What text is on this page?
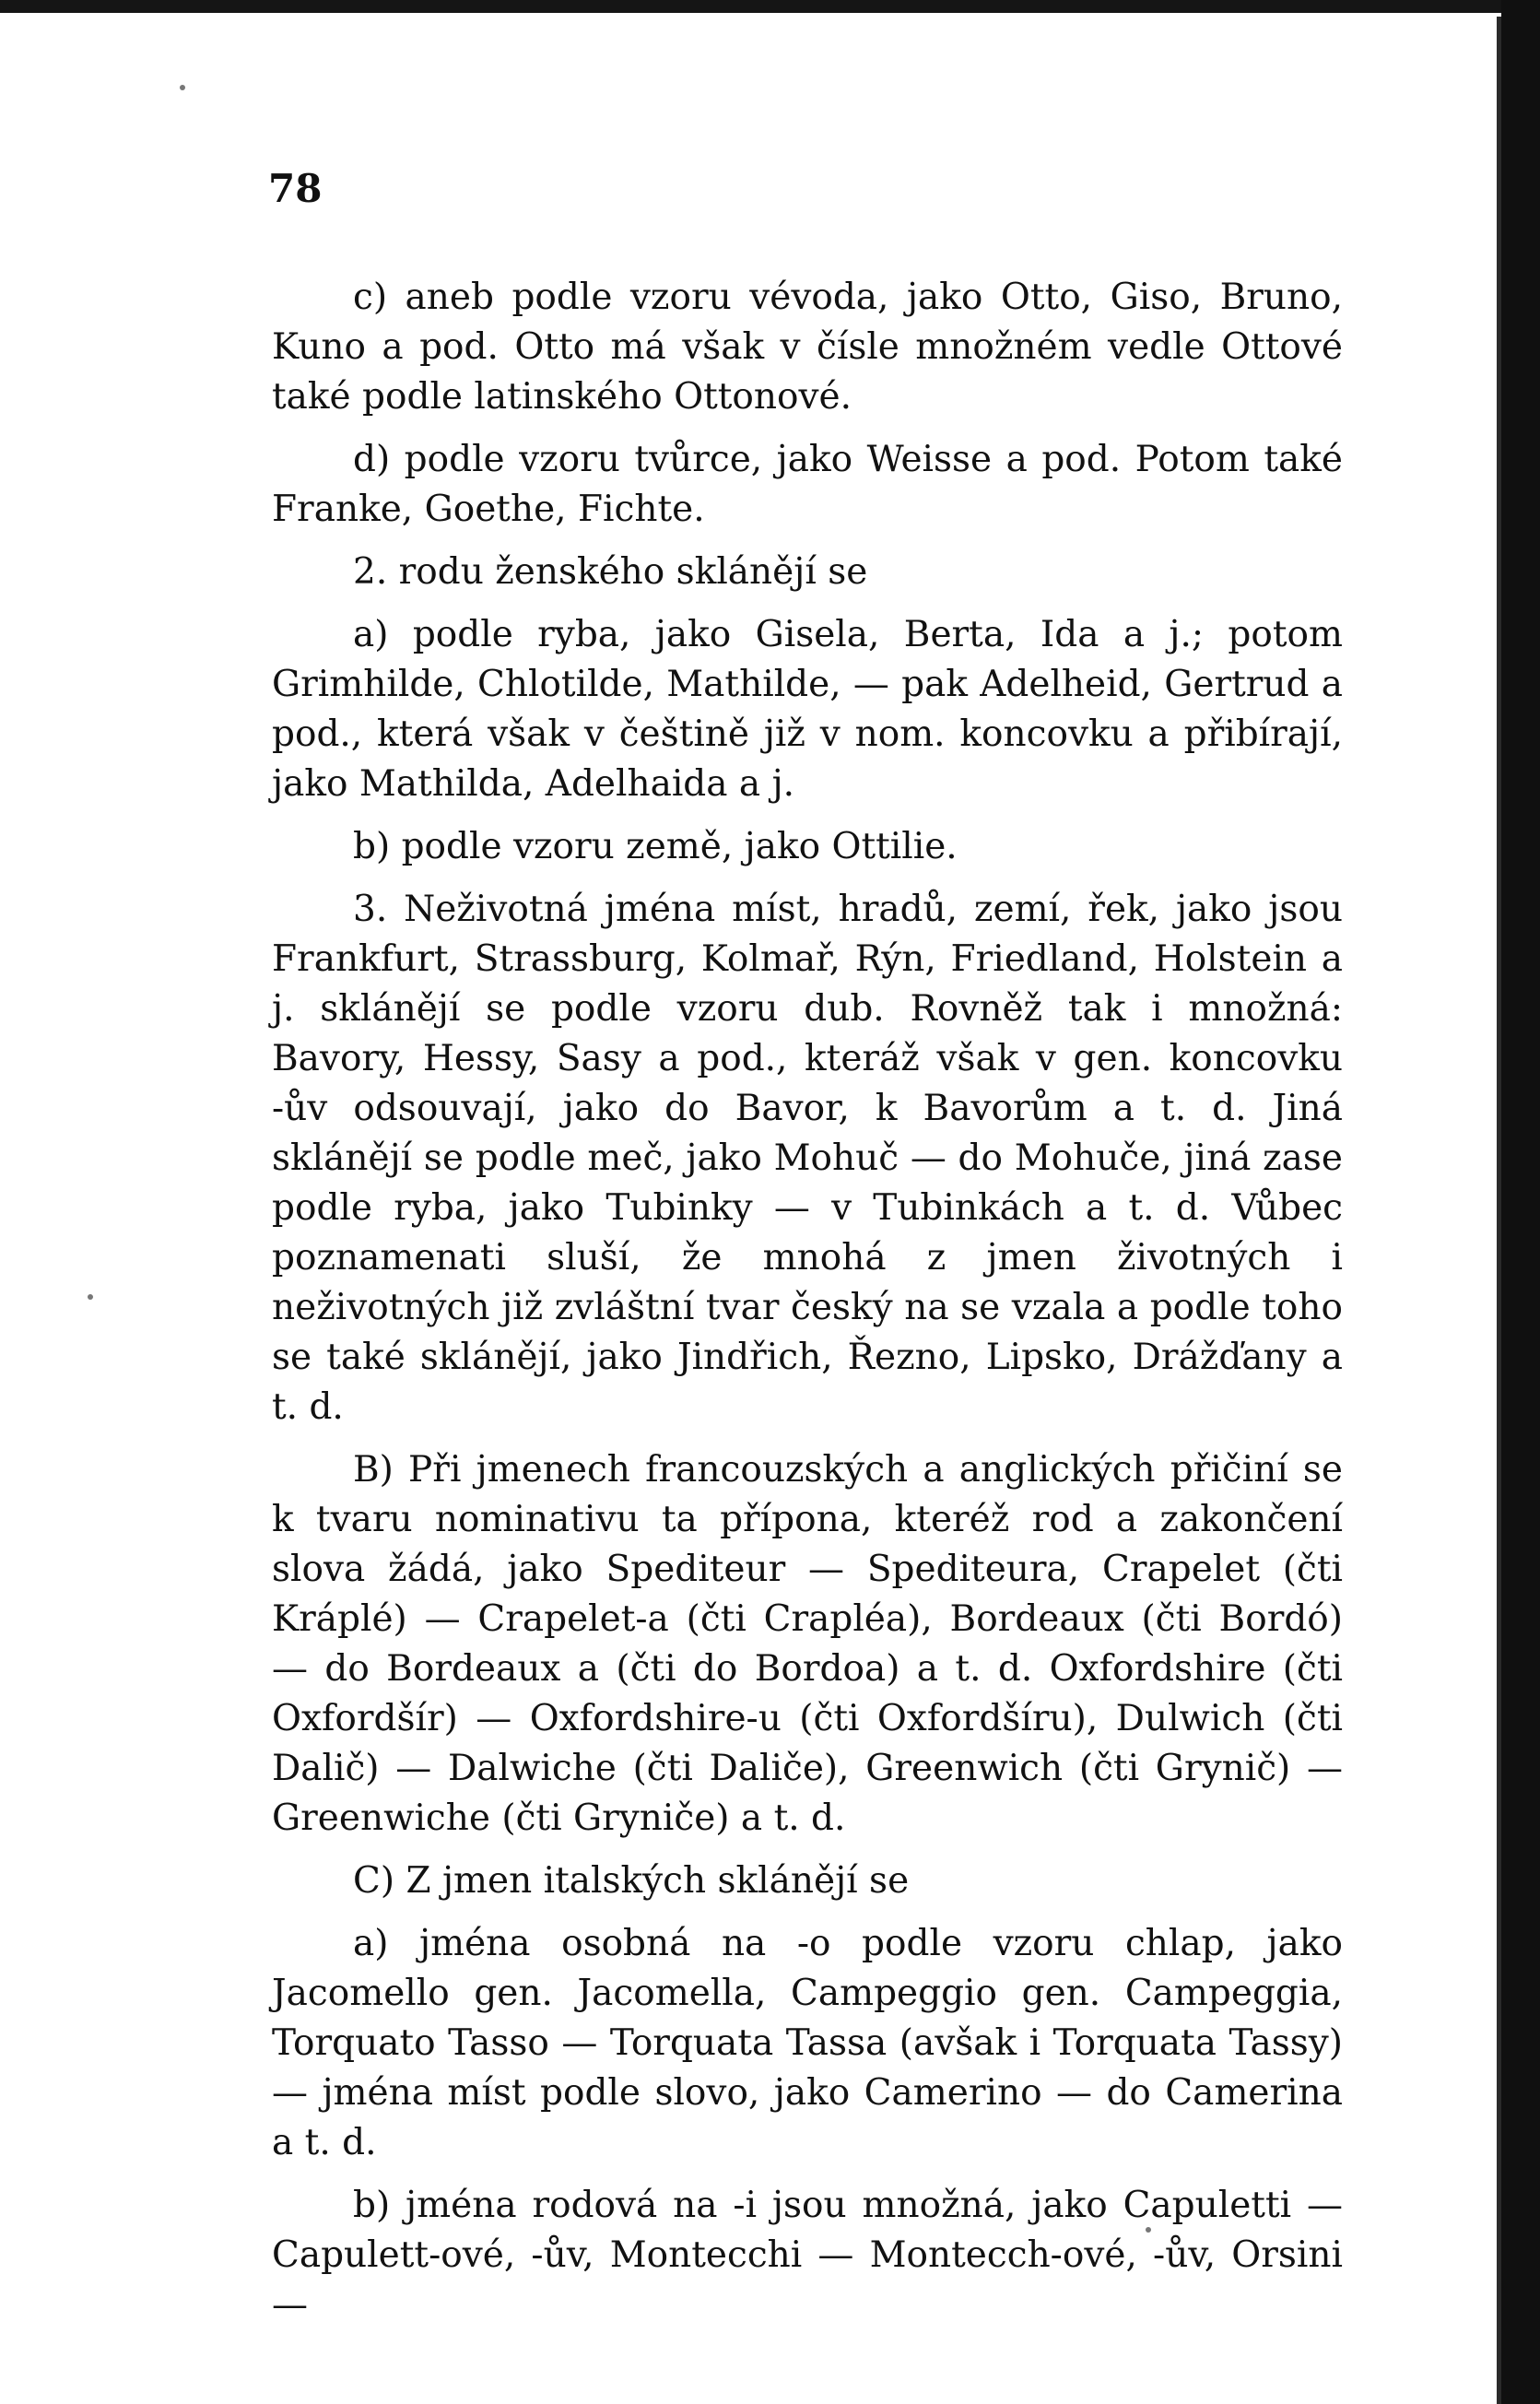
78

c) aneb podle vzoru vévoda, jako Otto, Giso, Bruno, Kuno a pod. Otto má však v čísle množném vedle Ottové také podle latinského Ottonové.

d) podle vzoru tvůrce, jako Weisse a pod. Potom také Franke, Goethe, Fichte.

2. rodu ženského sklánějí se

a) podle ryba, jako Gisela, Berta, Ida a j.; potom Grimhilde, Chlotilde, Mathilde, — pak Adelheid, Gertrud a pod., která však v češtině již v nom. koncovku a přibírají, jako Mathilda, Adelhaida a j.

b) podle vzoru země, jako Ottilie.

3. Neživotná jména míst, hradů, zemí, řek, jako jsou Frankfurt, Strassburg, Kolmař, Rýn, Friedland, Holstein a j. sklánějí se podle vzoru dub. Rovněž tak i množná: Bavory, Hessy, Sasy a pod., kteráž však v gen. koncovku -ův odsouvají, jako do Bavor, k Bavorům a t. d. Jiná sklánějí se podle meč, jako Mohuč — do Mohuče, jiná zase podle ryba, jako Tubinky — v Tubinkách a t. d. Vůbec poznamenati sluší, že mnohá z jmen životných i neživotných již zvláštní tvar český na se vzala a podle toho se také sklánějí, jako Jindřich, Řezno, Lipsko, Drážďany a t. d.

B) Při jmenech francouzských a anglických přičiní se k tvaru nominativu ta přípona, kteréž rod a zakončení slova žádá, jako Spediteur — Spediteura, Crapelet (čti Kráplé) — Crapelet-a (čti Crapléa), Bordeaux (čti Bordó) — do Bordeaux a (čti do Bordoa) a t. d. Oxfordshire (čti Oxfordšír) — Oxfordshire-u (čti Oxfordšíru), Dulwich (čti Dalič) — Dalwiche (čti Daliče), Greenwich (čti Grynič) — Greenwiche (čti Gryniče) a t. d.

C) Z jmen italských sklánějí se

a) jména osobná na -o podle vzoru chlap, jako Jacomello gen. Jacomella, Campeggio gen. Campeggia, Torquato Tasso — Torquata Tassa (avšak i Torquata Tassy) — jména míst podle slovo, jako Camerino — do Camerina a t. d.

b) jména rodová na -i jsou množná, jako Capuletti — Capulett-ové, -ův, Montecchi — Montecch-ové, -ův, Orsini —
